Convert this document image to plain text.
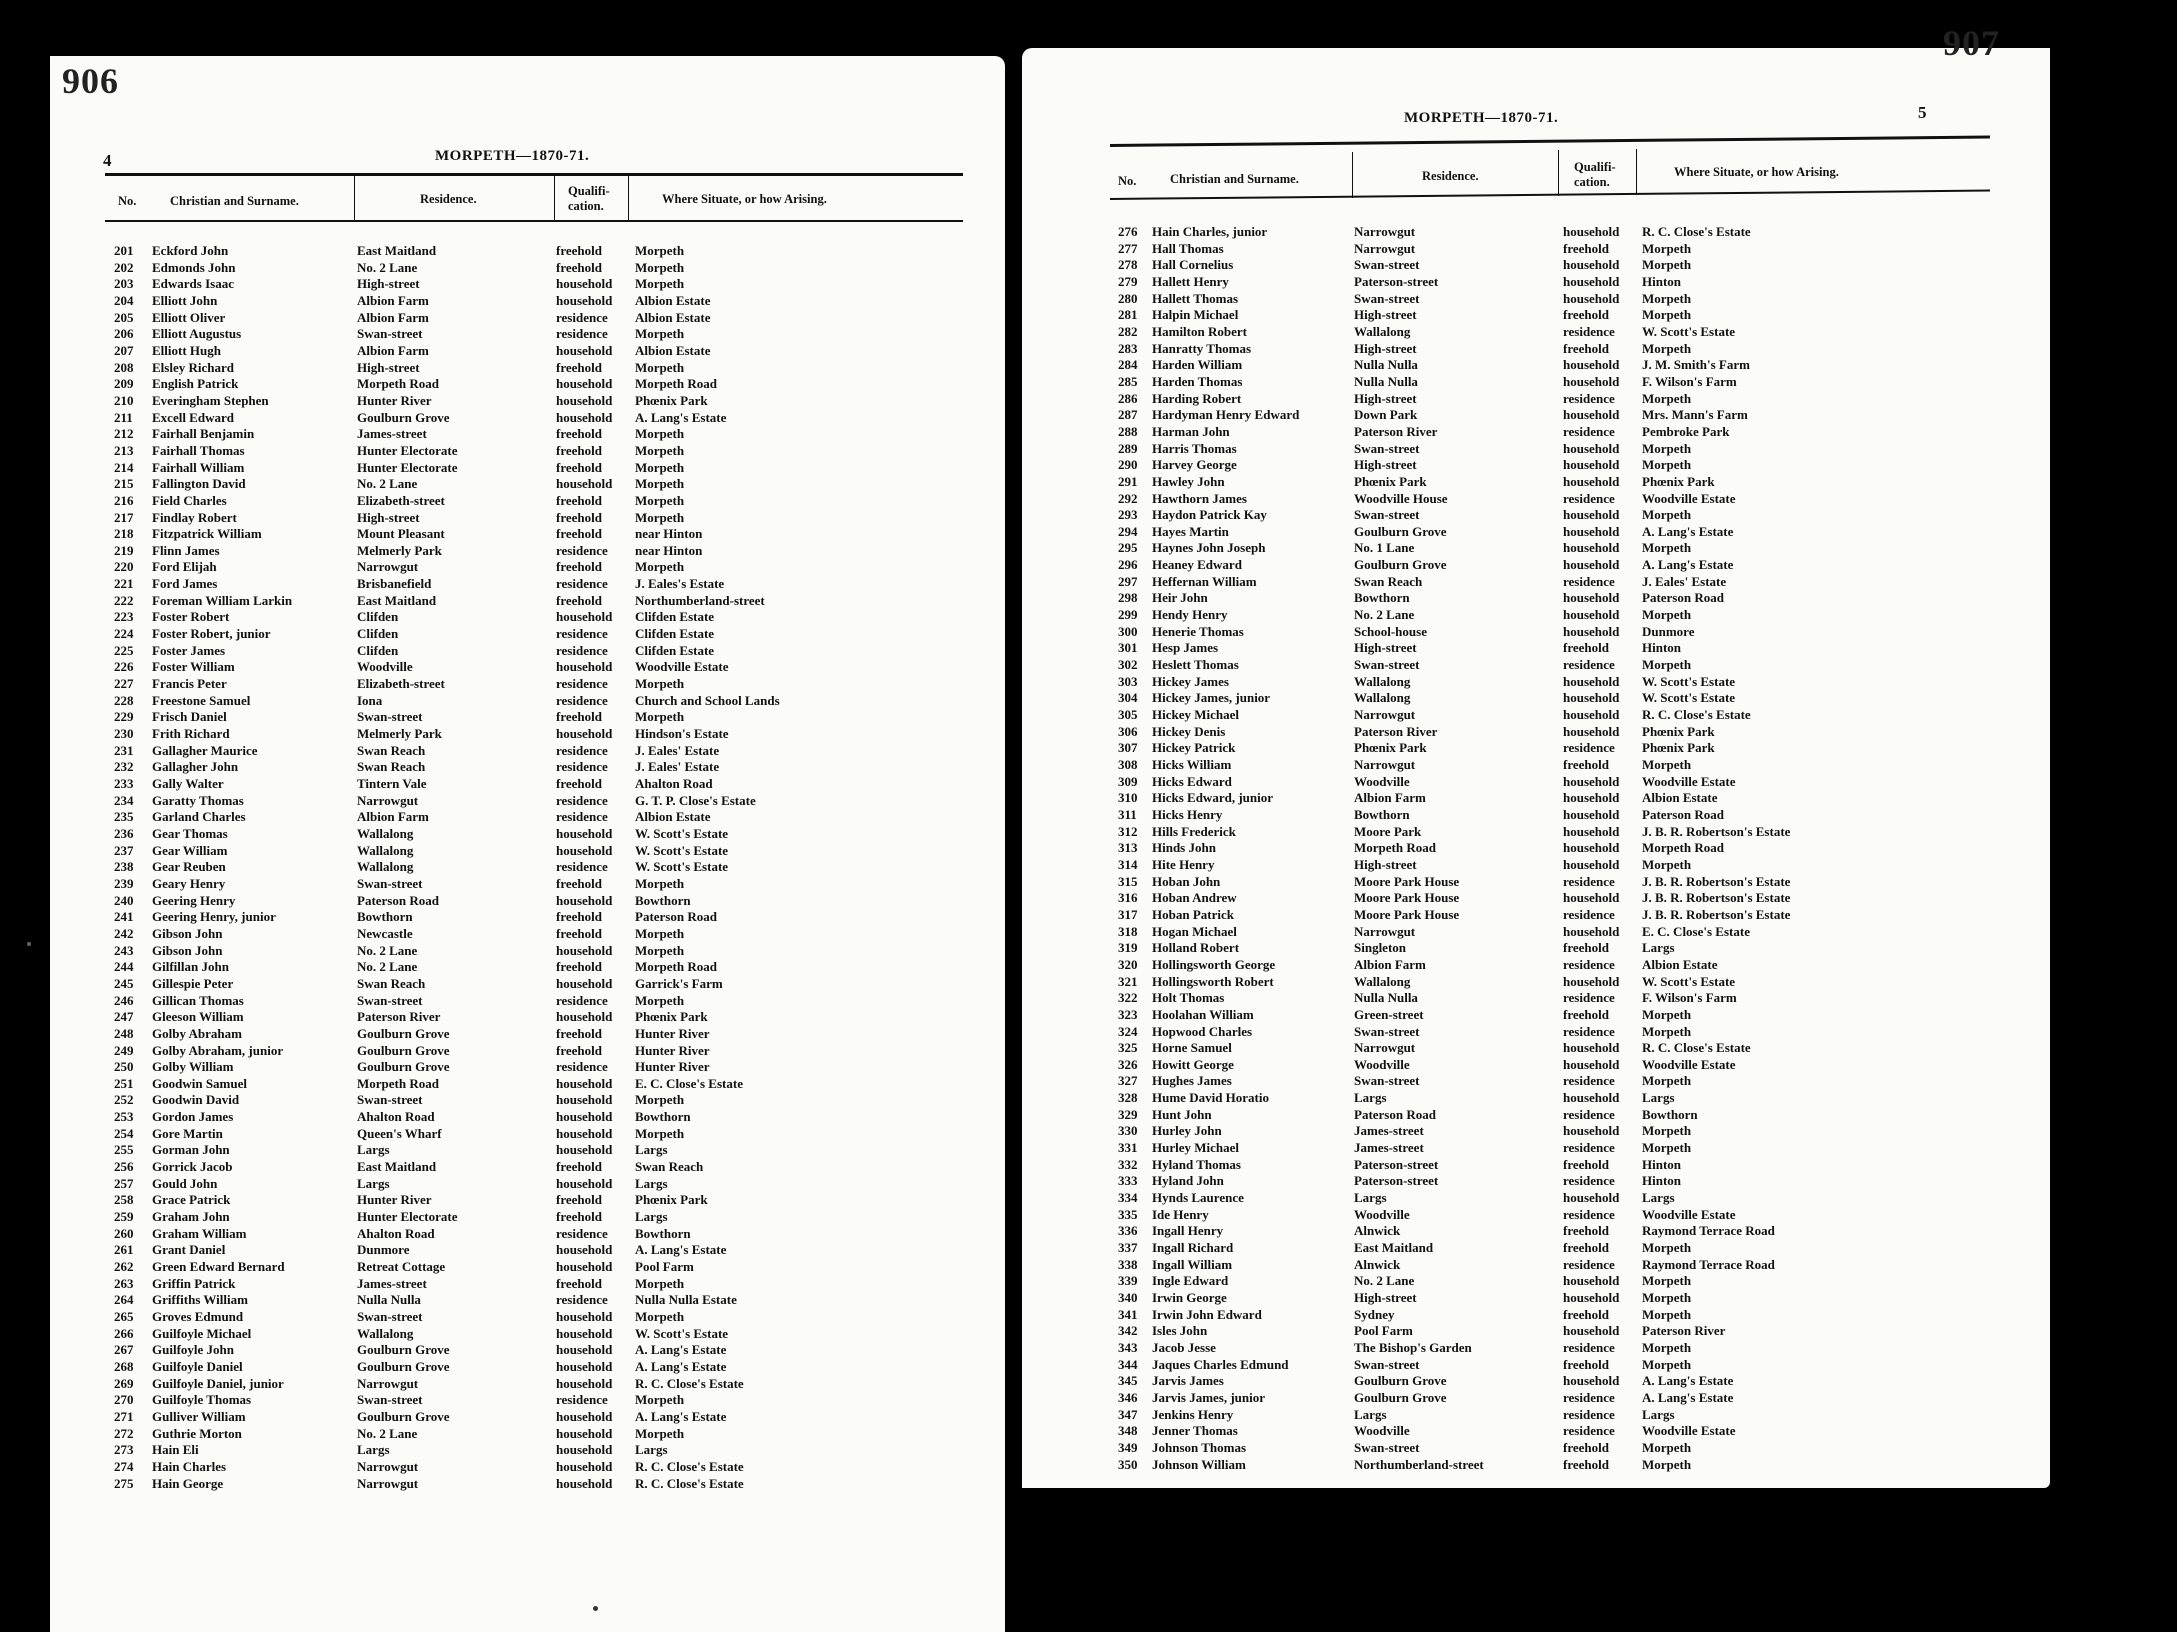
MORPETH—1870-71.
4
No.	Christian and Surname.	Residence.
Qualifi-
cation.	Where Situate, or how Arising.
201 Eckford John	East Maitland	freehold	Morpeth
202 Edmonds John	No. 2 Lane	freehold	Morpeth
203 Edwards Isaac	High-street	household Morpeth
204 Elliott John	Albion Farm	household Albion Estate
205 Elliott Oliver	Albion Farm	residence Albion Estate
206 Elliott Augustus	Swan-street	residence Morpeth
207 Elliott Hugh	Albion Farm	household Albion Estate
208 Elsley Richard	High-street	freehold	Morpeth
209 English Patrick	Morpeth Road	household Morpeth Road
210 Everingham Stephen	Hunter River	household Phœnix Park
211 Excell Edward	Goulburn Grove	household A. Lang's Estate
212 Fairhall Benjamin	James-street	freehold	Morpeth
213 Fairhall Thomas	Hunter Electorate	freehold	Morpeth
214 Fairhall William	Hunter Electorate	freehold	Morpeth
215 Fallington David	No. 2 Lane	household Morpeth
216 Field Charles	Elizabeth-street	freehold	Morpeth
217 Findlay Robert	High-street	freehold	Morpeth
218 Fitzpatrick William	Mount Pleasant	freehold	near Hinton
219 Flinn James	Melmerly Park	residence near Hinton
220 Ford Elijah	Narrowgut	freehold	Morpeth
221 Ford James	Brisbanefield	residence J. Eales's Estate
222 Foreman William Larkin	East Maitland	freehold	Northumberland-street
223 Foster Robert	Clifden	household Clifden Estate
224 Foster Robert, junior	Clifden	residence Clifden Estate
225 Foster James	Clifden	residence Clifden Estate
226 Foster William	Woodville	household Woodville Estate
227 Francis Peter	Elizabeth-street	residence Morpeth
228 Freestone Samuel	Iona	residence Church and School Lands
229 Frisch Daniel	Swan-street	freehold	Morpeth
230 Frith Richard	Melmerly Park	household Hindson's Estate
231 Gallagher Maurice	Swan Reach	residence J. Eales' Estate
232 Gallagher John	Swan Reach	residence J. Eales' Estate
233 Gally Walter	Tintern Vale	freehold	Ahalton Road
234 Garatty Thomas	Narrowgut	residence G. T. P. Close's Estate
235 Garland Charles	Albion Farm	residence Albion Estate
236 Gear Thomas	Wallalong	household W. Scott's Estate
237 Gear William	Wallalong	household W. Scott's Estate
238 Gear Reuben	Wallalong	residence W. Scott's Estate
239 Geary Henry	Swan-street	freehold	Morpeth
240 Geering Henry	Paterson Road	household Bowthorn
241 Geering Henry, junior	Bowthorn	freehold	Paterson Road
242 Gibson John	Newcastle	freehold	Morpeth
243 Gibson John	No. 2 Lane	household Morpeth
244 Gilfillan John	No. 2 Lane	freehold	Morpeth Road
245 Gillespie Peter	Swan Reach	household Garrick's Farm
246 Gillican Thomas	Swan-street	residence Morpeth
247 Gleeson William	Paterson River	household Phœnix Park
248 Golby Abraham	Goulburn Grove	freehold	Hunter River
249 Golby Abraham, junior	Goulburn Grove	freehold	Hunter River
250 Golby William	Goulburn Grove	residence Hunter River
251 Goodwin Samuel	Morpeth Road	household E. C. Close's Estate
252 Goodwin David	Swan-street	household Morpeth
253 Gordon James	Ahalton Road	household Bowthorn
254 Gore Martin	Queen's Wharf	household Morpeth
255 Gorman John	Largs	household Largs
256 Gorrick Jacob	East Maitland	freehold	Swan Reach
257 Gould John	Largs	household Largs
258 Grace Patrick	Hunter River	freehold	Phœnix Park
259 Graham John	Hunter Electorate	freehold	Largs
260 Graham William	Ahalton Road	residence Bowthorn
261 Grant Daniel	Dunmore	household A. Lang's Estate
262 Green Edward Bernard	Retreat Cottage	household Pool Farm
263 Griffin Patrick	James-street	freehold	Morpeth
264 Griffiths William	Nulla Nulla	residence Nulla Nulla Estate
265 Groves Edmund	Swan-street	household Morpeth
266 Guilfoyle Michael	Wallalong	household W. Scott's Estate
267 Guilfoyle John	Goulburn Grove	household A. Lang's Estate
268 Guilfoyle Daniel	Goulburn Grove	household A. Lang's Estate
269 Guilfoyle Daniel, junior	Narrowgut	household R. C. Close's Estate
270 Guilfoyle Thomas	Swan-street	residence Morpeth
271 Gulliver William	Goulburn Grove	household A. Lang's Estate
272 Guthrie Morton	No. 2 Lane	household Morpeth
273 Hain Eli	Largs	household Largs
274 Hain Charles	Narrowgut	household R. C. Close's Estate
275 Hain George	Narrowgut	household R. C. Close's Estate
MORPETH—1870-71.	5
No.	Christian and Surname.	Residence.
Qualifi-
cation.
Where Situate, or how Arising.
276 Hain Charles, junior	Narrowgut	household R. C. Close's Estate
277 Hall Thomas	Narrowgut	freehold	Morpeth
278 Hall Cornelius	Swan-street	household Morpeth
279 Hallett Henry	Paterson-street	household Hinton
280 Hallett Thomas	Swan-street	household Morpeth
281 Halpin Michael	High-street	freehold	Morpeth
282 Hamilton Robert	Wallalong	residence W. Scott's Estate
283 Hanratty Thomas	High-street	freehold	Morpeth
284 Harden William	Nulla Nulla	household J. M. Smith's Farm
285 Harden Thomas	Nulla Nulla	household F. Wilson's Farm
286 Harding Robert	High-street	residence Morpeth
287 Hardyman Henry Edward	Down Park	household Mrs. Mann's Farm
288 Harman John	Paterson River	residence Pembroke Park
289 Harris Thomas	Swan-street	household Morpeth
290 Harvey George	High-street	household Morpeth
291 Hawley John	Phœnix Park	household Phœnix Park
292 Hawthorn James	Woodville House	residence Woodville Estate
293 Haydon Patrick Kay	Swan-street	household Morpeth
294 Hayes Martin	Goulburn Grove	household A. Lang's Estate
295 Haynes John Joseph	No. 1 Lane	household Morpeth
296 Heaney Edward	Goulburn Grove	household A. Lang's Estate
297 Heffernan William	Swan Reach	residence J. Eales' Estate
298 Heir John	Bowthorn	household Paterson Road
299 Hendy Henry	No. 2 Lane	household Morpeth
300 Henerie Thomas	School-house	household Dunmore
301 Hesp James	High-street	freehold	Hinton
302 Heslett Thomas	Swan-street	residence Morpeth
303 Hickey James	Wallalong	household W. Scott's Estate
304 Hickey James, junior	Wallalong	household W. Scott's Estate
305 Hickey Michael	Narrowgut	household R. C. Close's Estate
306 Hickey Denis	Paterson River	household Phœnix Park
307 Hickey Patrick	Phœnix Park	residence Phœnix Park
308 Hicks William	Narrowgut	freehold	Morpeth
309 Hicks Edward	Woodville	household Woodville Estate
310 Hicks Edward, junior	Albion Farm	household Albion Estate
311 Hicks Henry	Bowthorn	household Paterson Road
312 Hills Frederick	Moore Park	household J. B. R. Robertson's Estate
313 Hinds John	Morpeth Road	household Morpeth Road
314 Hite Henry	High-street	household Morpeth
315 Hoban John	Moore Park House	residence J. B. R. Robertson's Estate
316 Hoban Andrew	Moore Park House	household J. B. R. Robertson's Estate
317 Hoban Patrick	Moore Park House	residence J. B. R. Robertson's Estate
318 Hogan Michael	Narrowgut	household E. C. Close's Estate
319 Holland Robert	Singleton	freehold	Largs
320 Hollingsworth George	Albion Farm	residence Albion Estate
321 Hollingsworth Robert	Wallalong	household W. Scott's Estate
322 Holt Thomas	Nulla Nulla	residence F. Wilson's Farm
323 Hoolahan William	Green-street	freehold	Morpeth
324 Hopwood Charles	Swan-street	residence Morpeth
325 Horne Samuel	Narrowgut	household R. C. Close's Estate
326 Howitt George	Woodville	household Woodville Estate
327 Hughes James	Swan-street	residence Morpeth
328 Hume David Horatio	Largs	household Largs
329 Hunt John	Paterson Road	residence Bowthorn
330 Hurley John	James-street	household Morpeth
331 Hurley Michael	James-street	residence Morpeth
332 Hyland Thomas	Paterson-street	freehold	Hinton
333 Hyland John	Paterson-street	residence Hinton
334 Hynds Laurence	Largs	household Largs
335 Ide Henry	Woodville	residence Woodville Estate
336 Ingall Henry	Alnwick	freehold	Raymond Terrace Road
337 Ingall Richard	East Maitland	freehold	Morpeth
338 Ingall William	Alnwick	residence Raymond Terrace Road
339 Ingle Edward	No. 2 Lane	household Morpeth
340 Irwin George	High-street	household Morpeth
341 Irwin John Edward	Sydney	freehold	Morpeth
342 Isles John	Pool Farm	household Paterson River
343 Jacob Jesse	The Bishop's Garden	residence Morpeth
344 Jaques Charles Edmund	Swan-street	freehold	Morpeth
345 Jarvis James	Goulburn Grove	household A. Lang's Estate
346 Jarvis James, junior	Goulburn Grove	residence A. Lang's Estate
347 Jenkins Henry	Largs	residence Largs
348 Jenner Thomas	Woodville	residence Woodville Estate
349 Johnson Thomas	Swan-street	freehold	Morpeth
350 Johnson William	Northumberland-street	freehold	Morpeth
906
907
